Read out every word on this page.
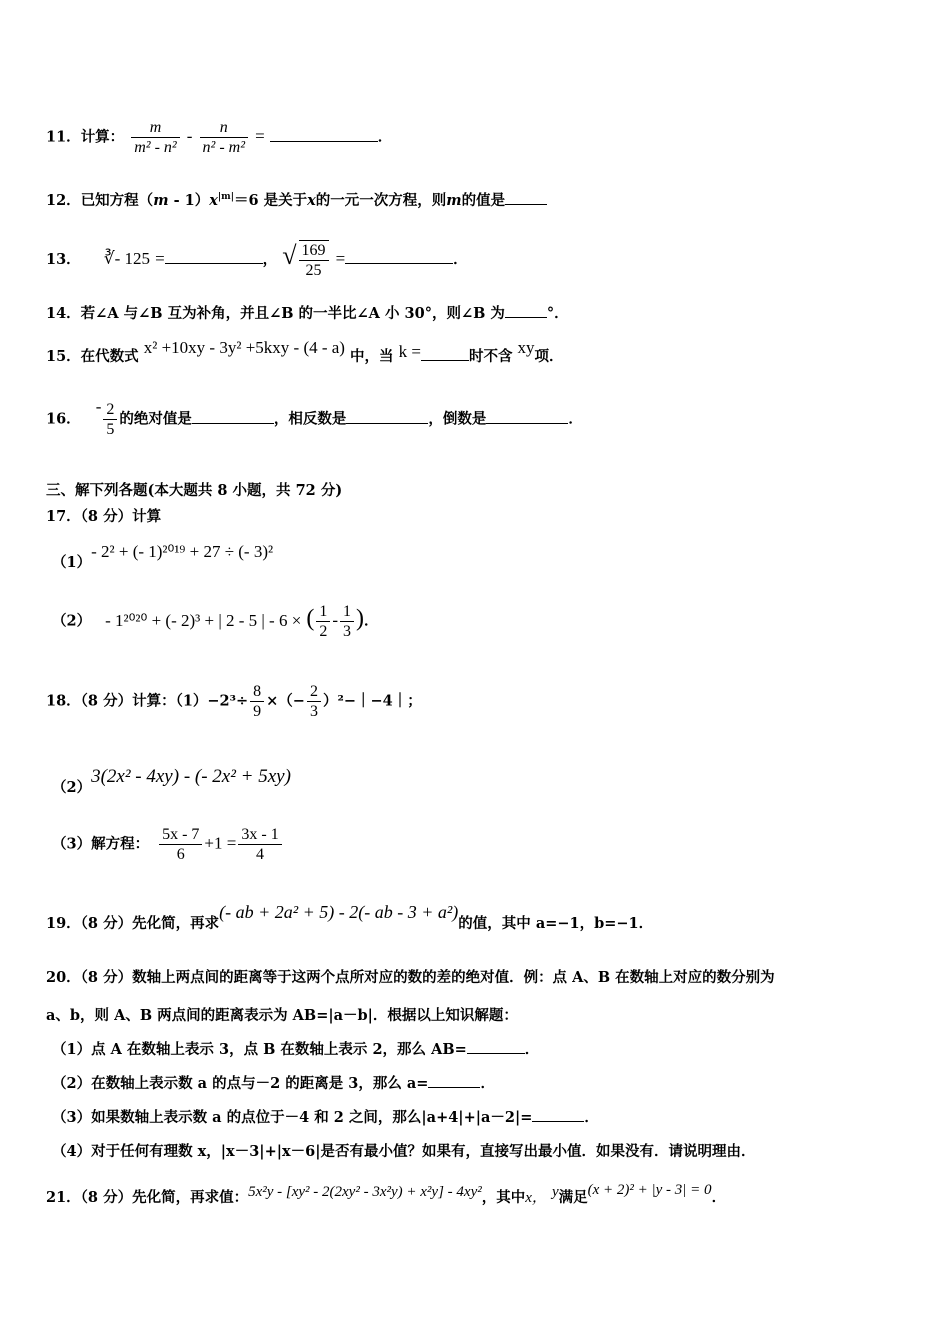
11．计算： $\frac{m}{\text{m² - n²}} - \frac{n}{\text{n² - m²}}$ =	．
12．已知方程$(m - 1)x^{|m|}=6$ 是关于x的一元一次方程，则m的值是
13． ∛- 125 =	， √ $\frac{169}{25}$ =	．
14．若∠A 与∠B 互为补角，并且∠B 的一半比∠A 小 30°，则∠B 为	°．
15．在代数式 x² +10xy - 3y² +5kxy - (4 - a) 中，当 k =	时不含 xy项．
16． - $\frac{2}{5}$ 的绝对值是	，相反数是	，倒数是	．
三、解下列各题(本大题共 8 小题，共 72 分)
17．（8 分）计算
（1）- 2² + (- 1)²⁰¹⁹ + 27 ÷ (- 3)²
（2） - 1²⁰²⁰ + (- 2)³ + | 2 - 5 | - 6 × ( $\frac{1}{2} - \frac{1}{3}$ )．
18．（8 分）计算：$(1)-2^3\div \frac{8}{9}$ ×（− $\frac{2}{3}$ ）²−｜−4｜；
（2）3(2x² - 4xy) - (- 2x² + 5xy)
（3）解方程： $\frac{5x - 7}{6} +1 = \frac{3x - 1}{4}$
19．（8 分）先化简，再求(- ab + 2a² + 5) - 2(- ab - 3 + a²)的值，其中 a=−1，b=−1．
20．（8 分）数轴上两点间的距离等于这两个点所对应的数的差的绝对值．例：点 A、B 在数轴上对应的数分别为
a、b，则 A、B 两点间的距离表示为 AB=|a－b|．根据以上知识解题：
（1）点 A 在数轴上表示 3，点 B 在数轴上表示 2，那么 AB=	．
（2）在数轴上表示数 a 的点与－2 的距离是 3，那么 a=	．
（3）如果数轴上表示数 a 的点位于－4 和 2 之间，那么|a+4|+|a－2|=	．
（4）对于任何有理数 x，|x－3|+|x－6|是否有最小值？如果有，直接写出最小值．如果没有．请说明理由．
21．（8 分）先化简，再求值：5x²y - [xy² - 2(2xy² - 3x²y) + x²y] - 4xy²，其中x， y满足(x + 2)² + |y - 3| = 0．
